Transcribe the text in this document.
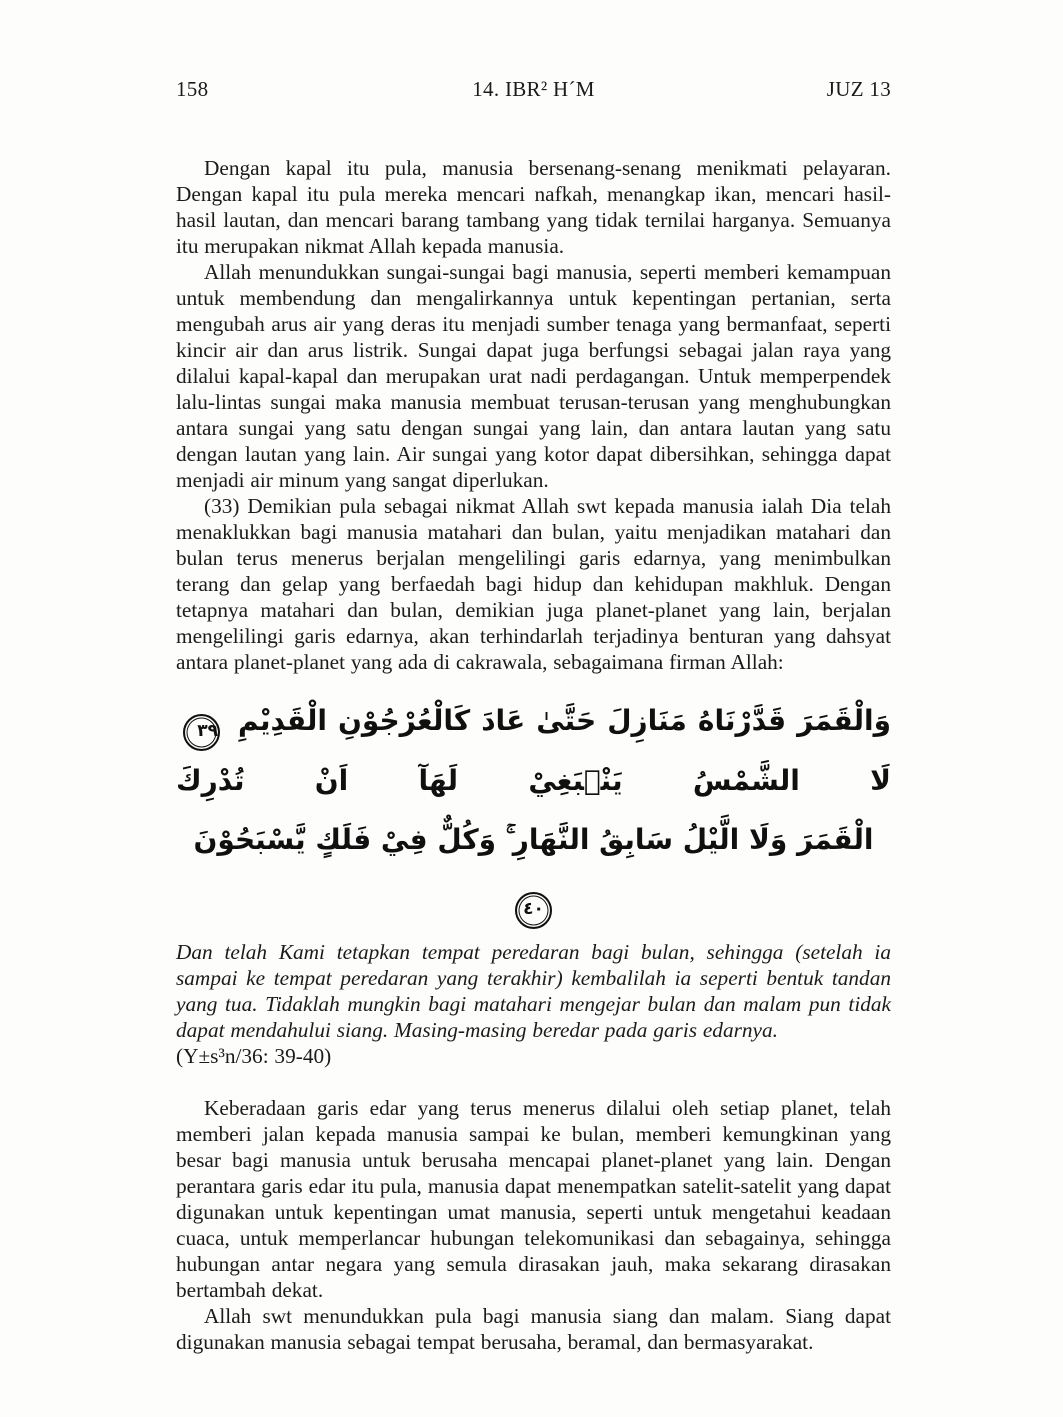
158	14. IBR² H´M	JUZ 13

Dengan kapal itu pula, manusia bersenang-senang menikmati pelayaran. Dengan kapal itu pula mereka mencari nafkah, menangkap ikan, mencari hasil-hasil lautan, dan mencari barang tambang yang tidak ternilai harganya. Semuanya itu merupakan nikmat Allah kepada manusia.

Allah menundukkan sungai-sungai bagi manusia, seperti memberi kemampuan untuk membendung dan mengalirkannya untuk kepentingan pertanian, serta mengubah arus air yang deras itu menjadi sumber tenaga yang bermanfaat, seperti kincir air dan arus listrik. Sungai dapat juga berfungsi sebagai jalan raya yang dilalui kapal-kapal dan merupakan urat nadi perdagangan. Untuk memperpendek lalu-lintas sungai maka manusia membuat terusan-terusan yang menghubungkan antara sungai yang satu dengan sungai yang lain, dan antara lautan yang satu dengan lautan yang lain. Air sungai yang kotor dapat dibersihkan, sehingga dapat menjadi air minum yang sangat diperlukan.

(33) Demikian pula sebagai nikmat Allah swt kepada manusia ialah Dia telah menaklukkan bagi manusia matahari dan bulan, yaitu menjadikan matahari dan bulan terus menerus berjalan mengelilingi garis edarnya, yang menimbulkan terang dan gelap yang berfaedah bagi hidup dan kehidupan makhluk. Dengan tetapnya matahari dan bulan, demikian juga planet-planet yang lain, berjalan mengelilingi garis edarnya, akan terhindarlah terjadinya benturan yang dahsyat antara planet-planet yang ada di cakrawala, sebagaimana firman Allah:

وَالْقَمَرَ قَدَّرْنَاهُ مَنَازِلَ حَتَّىٰ عَادَ كَالْعُرْجُوْنِ الْقَدِيْمِ ٣٩ لَا الشَّمْسُ يَنْۢبَغِيْ لَهَآ اَنْ تُدْرِكَ
الْقَمَرَ وَلَا الَّيْلُ سَابِقُ النَّهَارِ ۚ وَكُلٌّ فِيْ فَلَكٍ يَّسْبَحُوْنَ ٤٠
Dan telah Kami tetapkan tempat peredaran bagi bulan, sehingga (setelah ia sampai ke tempat peredaran yang terakhir) kembalilah ia seperti bentuk tandan yang tua. Tidaklah mungkin bagi matahari mengejar bulan dan malam pun tidak dapat mendahului siang. Masing-masing beredar pada garis edarnya.
(Y±s³n/36: 39-40)

Keberadaan garis edar yang terus menerus dilalui oleh setiap planet, telah memberi jalan kepada manusia sampai ke bulan, memberi kemungkinan yang besar bagi manusia untuk berusaha mencapai planet-planet yang lain. Dengan perantara garis edar itu pula, manusia dapat menempatkan satelit-satelit yang dapat digunakan untuk kepentingan umat manusia, seperti untuk mengetahui keadaan cuaca, untuk memperlancar hubungan telekomunikasi dan sebagainya, sehingga hubungan antar negara yang semula dirasakan jauh, maka sekarang dirasakan bertambah dekat.

Allah swt menundukkan pula bagi manusia siang dan malam. Siang dapat digunakan manusia sebagai tempat berusaha, beramal, dan bermasyarakat.
